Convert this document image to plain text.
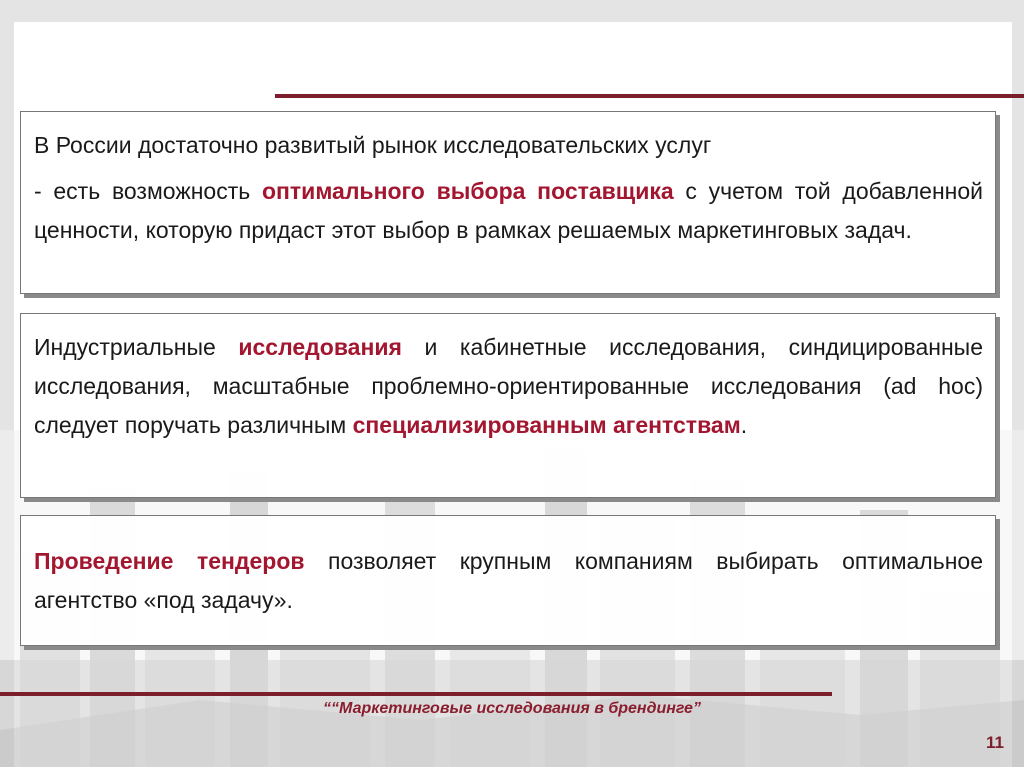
В России достаточно развитый рынок исследовательских услуг

- есть возможность оптимального выбора поставщика с учетом той добавленной ценности, которую придаст этот выбор в рамках решаемых маркетинговых задач.

Индустриальные исследования и кабинетные исследования, синдицированные исследования, масштабные проблемно-ориентированные исследования (ad hoc) следует поручать различным специализированным агентствам.

Проведение тендеров позволяет крупным компаниям выбирать оптимальное агентство «под задачу».

““Маркетинговые исследования в брендинге”
11
